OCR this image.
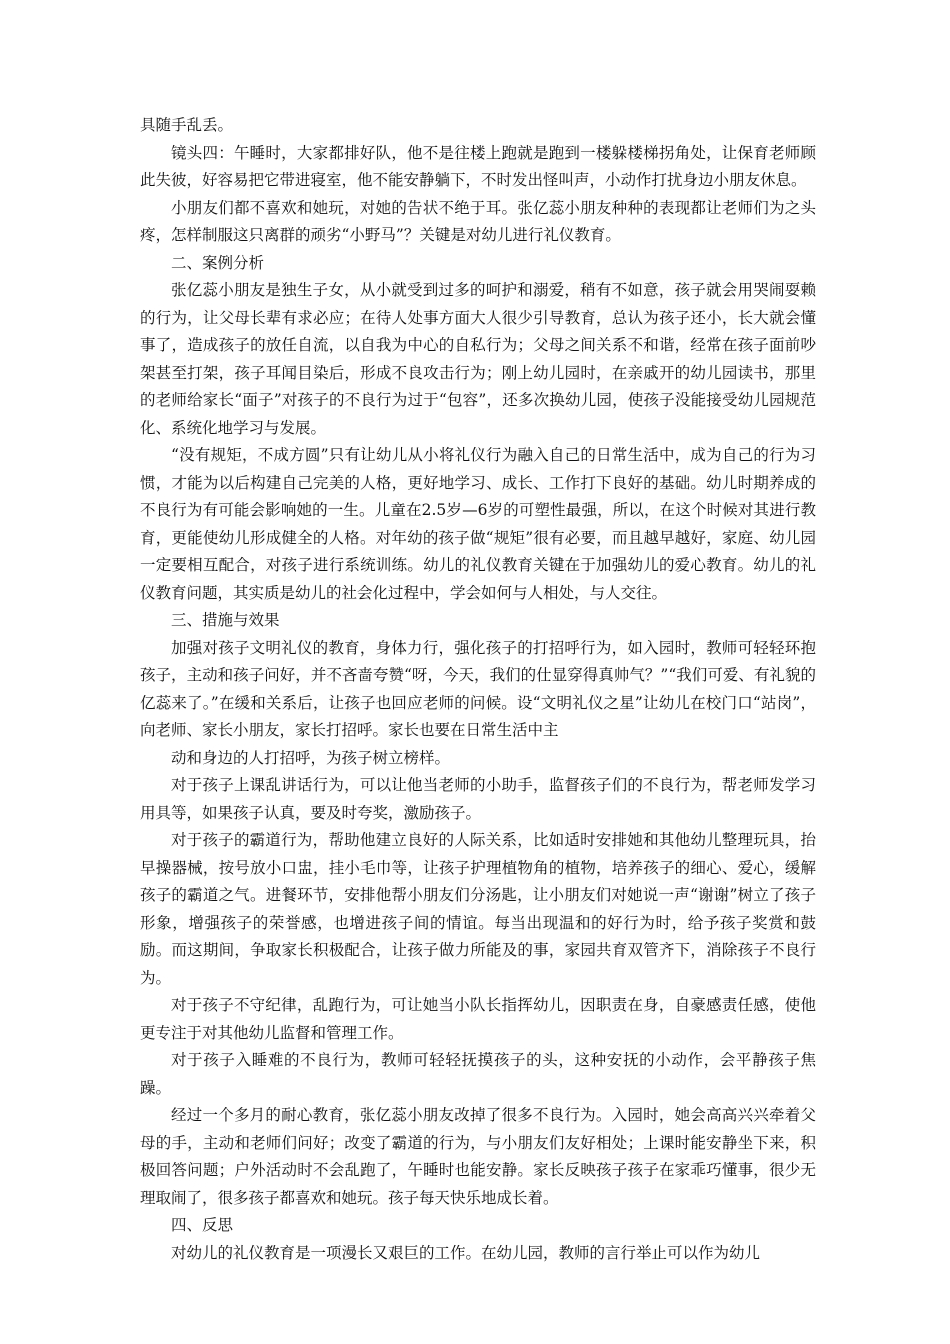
具随手乱丢。

镜头四：午睡时，大家都排好队，他不是往楼上跑就是跑到一楼躲楼梯拐角处，让保育老师顾此失彼，好容易把它带进寝室，他不能安静躺下，不时发出怪叫声，小动作打扰身边小朋友休息。

小朋友们都不喜欢和她玩，对她的告状不绝于耳。张亿蕊小朋友种种的表现都让老师们为之头疼，怎样制服这只离群的顽劣“小野马”？关键是对幼儿进行礼仪教育。

二、案例分析

张亿蕊小朋友是独生子女，从小就受到过多的呵护和溺爱，稍有不如意，孩子就会用哭闹耍赖的行为，让父母长辈有求必应；在待人处事方面大人很少引导教育，总认为孩子还小，长大就会懂事了，造成孩子的放任自流，以自我为中心的自私行为；父母之间关系不和谐，经常在孩子面前吵架甚至打架，孩子耳闻目染后，形成不良攻击行为；刚上幼儿园时，在亲戚开的幼儿园读书，那里的老师给家长“面子”对孩子的不良行为过于“包容”，还多次换幼儿园，使孩子没能接受幼儿园规范化、系统化地学习与发展。

“没有规矩，不成方圆”只有让幼儿从小将礼仪行为融入自己的日常生活中，成为自己的行为习惯，才能为以后构建自己完美的人格，更好地学习、成长、工作打下良好的基础。幼儿时期养成的不良行为有可能会影响她的一生。儿童在2.5岁—6岁的可塑性最强，所以，在这个时候对其进行教育，更能使幼儿形成健全的人格。对年幼的孩子做“规矩”很有必要，而且越早越好，家庭、幼儿园一定要相互配合，对孩子进行系统训练。幼儿的礼仪教育关键在于加强幼儿的爱心教育。幼儿的礼仪教育问题，其实质是幼儿的社会化过程中，学会如何与人相处，与人交往。

三、措施与效果

加强对孩子文明礼仪的教育，身体力行，强化孩子的打招呼行为，如入园时，教师可轻轻环抱孩子，主动和孩子问好，并不吝啬夸赞“呀，今天，我们的仕显穿得真帅气？”“我们可爱、有礼貌的亿蕊来了。”在缓和关系后，让孩子也回应老师的问候。设“文明礼仪之星”让幼儿在校门口“站岗”，向老师、家长小朋友，家长打招呼。家长也要在日常生活中主

动和身边的人打招呼，为孩子树立榜样。

对于孩子上课乱讲话行为，可以让他当老师的小助手，监督孩子们的不良行为，帮老师发学习用具等，如果孩子认真，要及时夸奖，激励孩子。

对于孩子的霸道行为，帮助他建立良好的人际关系，比如适时安排她和其他幼儿整理玩具，抬早操器械，按号放小口盅，挂小毛巾等，让孩子护理植物角的植物，培养孩子的细心、爱心，缓解孩子的霸道之气。进餐环节，安排他帮小朋友们分汤匙，让小朋友们对她说一声“谢谢”树立了孩子形象，增强孩子的荣誉感，也增进孩子间的情谊。每当出现温和的好行为时，给予孩子奖赏和鼓励。而这期间，争取家长积极配合，让孩子做力所能及的事，家园共育双管齐下，消除孩子不良行为。

对于孩子不守纪律，乱跑行为，可让她当小队长指挥幼儿，因职责在身，自豪感责任感，使他更专注于对其他幼儿监督和管理工作。

对于孩子入睡难的不良行为，教师可轻轻抚摸孩子的头，这种安抚的小动作，会平静孩子焦躁。

经过一个多月的耐心教育，张亿蕊小朋友改掉了很多不良行为。入园时，她会高高兴兴牵着父母的手，主动和老师们问好；改变了霸道的行为，与小朋友们友好相处；上课时能安静坐下来，积极回答问题；户外活动时不会乱跑了，午睡时也能安静。家长反映孩子孩子在家乖巧懂事，很少无理取闹了，很多孩子都喜欢和她玩。孩子每天快乐地成长着。

四、反思

对幼儿的礼仪教育是一项漫长又艰巨的工作。在幼儿园，教师的言行举止可以作为幼儿
